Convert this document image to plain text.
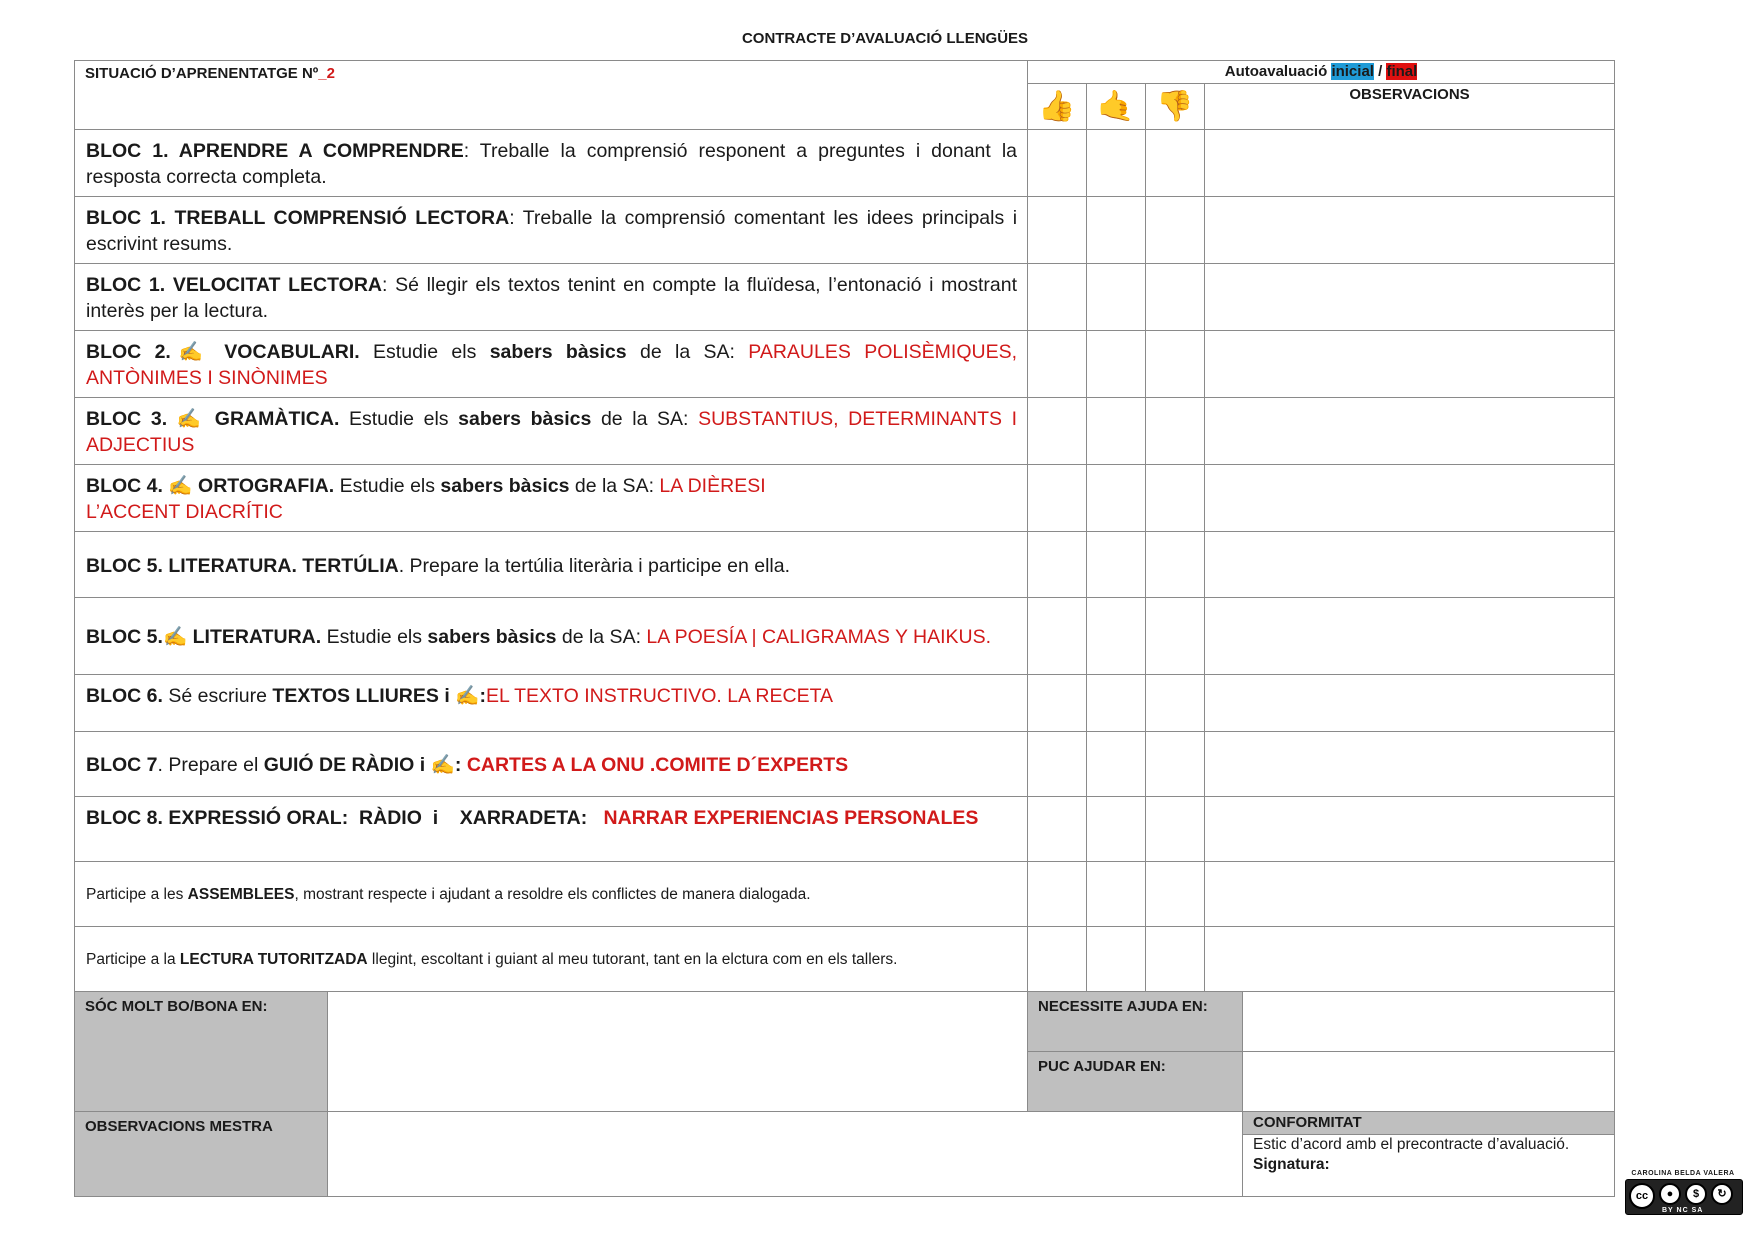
CONTRACTE D’AVALUACIÓ LLENGÜES
SITUACIÓ D’APRENENTATGE Nº_2		Autoavaluació inicial / final				
		👍	🤙	👎	OBSERVACIONS	
BLOC 1. APRENDRE A COMPRENDRE: Treballe la comprensió responent a preguntes i donant la resposta correcta completa.						
BLOC 1. TREBALL COMPRENSIÓ LECTORA: Treballe la comprensió comentant les idees principals i escrivint resums.						
BLOC 1. VELOCITAT LECTORA: Sé llegir els textos tenint en compte la fluïdesa, l’entonació i mostrant interès per la lectura.						
BLOC 2.✍️ VOCABULARI. Estudie els sabers bàsics de la SA: PARAULES POLISÈMIQUES, ANTÒNIMES I SINÒNIMES						
BLOC 3. ✍️ GRAMÀTICA. Estudie els sabers bàsics de la SA: SUBSTANTIUS, DETERMINANTS I ADJECTIUS						
BLOC 4. ✍️ ORTOGRAFIA. Estudie els sabers bàsics de la SA: LA DIÈRESI
L’ACCENT DIACRÍTIC						
BLOC 5. LITERATURA. TERTÚLIA. Prepare la tertúlia literària i participe en ella.						
BLOC 5.✍️ LITERATURA. Estudie els sabers bàsics de la SA: LA POESÍA | CALIGRAMAS Y HAIKUS.						
BLOC 6. Sé escriure TEXTOS LLIURES i ✍️:EL TEXTO INSTRUCTIVO. LA RECETA						
BLOC 7. Prepare el GUIÓ DE RÀDIO i ✍️: CARTES A LA ONU .COMITE D´EXPERTS						
BLOC 8. EXPRESSIÓ ORAL:  RÀDIO  i    XARRADETA: NARRAR EXPERIENCIAS PERSONALES						
Participe a les ASSEMBLEES, mostrant respecte i ajudant a resoldre els conflictes de manera dialogada.						
Participe a la LECTURA TUTORITZADA llegint, escoltant i guiant al meu tutorant, tant en la elctura com en els tallers.						
SÓC MOLT BO/BONA EN:		NECESSITE AJUDA EN:				
		PUC AJUDAR EN:				
OBSERVACIONS MESTRA						CONFORMITAT
						Estic d’acord amb el precontracte d’avaluació. Signatura:
CAROLINA BELDA VALERA
cc	●	$	↻
BY NC SA
